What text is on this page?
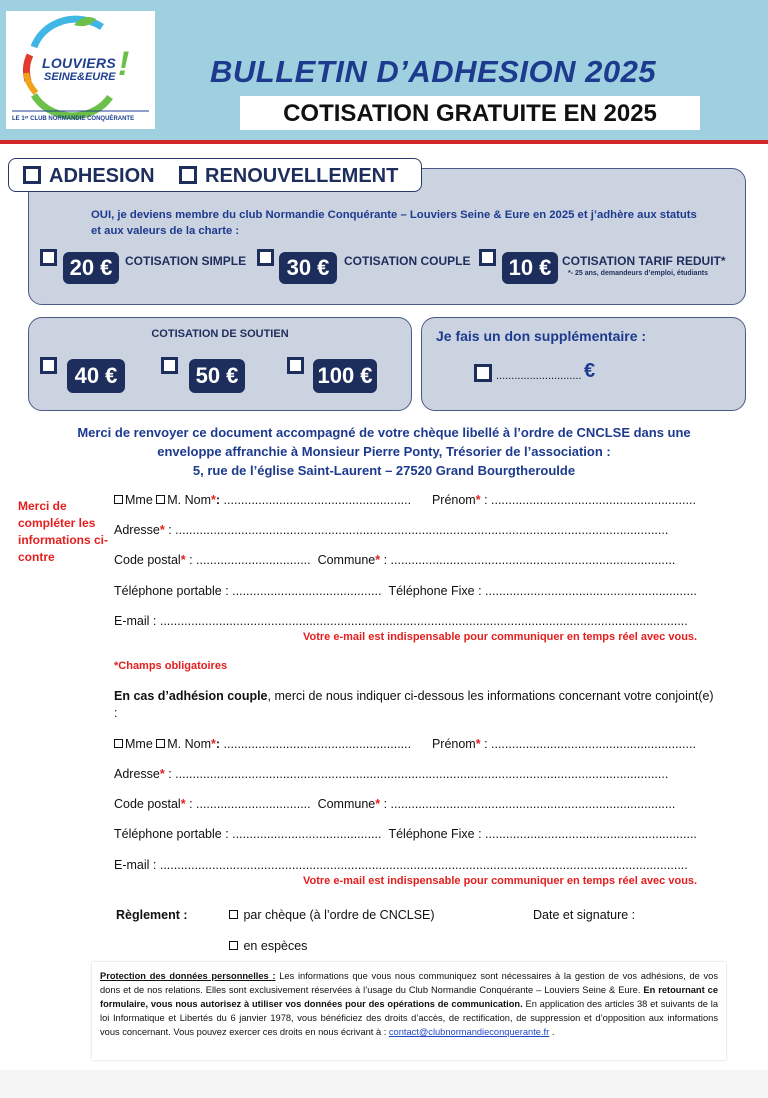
LOUVIERS
SEINE&EURE !
LE 1ᵉʳ CLUB NORMANDIE CONQUÉRANTE
BULLETIN D’ADHESION 2025
COTISATION GRATUITE EN 2025
OUI, je deviens membre du club Normandie Conquérante – Louviers Seine & Eure en 2025 et j’adhère aux statuts
et aux valeurs de la charte :
20 €	COTISATION SIMPLE	30 €	COTISATION COUPLE 10 € COTISATION TARIF REDUIT*
*- 25 ans, demandeurs d’emploi, étudiants
ADHESION	RENOUVELLEMENT
COTISATION DE SOUTIEN
40 €	50 €	100 €
Je fais un don supplémentaire :
............................ €
Merci de renvoyer ce document accompagné de votre chèque libellé à l’ordre de CNCLSE dans une
enveloppe affranchie à Monsieur Pierre Ponty, Trésorier de l’association :
5, rue de l’église Saint-Laurent – 27520 Grand Bourgtheroulde
Merci de compléter les informations ci-contre
Mme M. Nom*: ...................................................... Prénom* : ...........................................................
Adresse* : ..............................................................................................................................................
Code postal* : ................................. Commune* : ..................................................................................
Téléphone portable : ........................................... Téléphone Fixe : .............................................................
E-mail : ........................................................................................................................................................
Votre e-mail est indispensable pour communiquer en temps réel avec vous.
*Champs obligatoires
En cas d’adhésion couple, merci de nous indiquer ci-dessous les informations concernant votre conjoint(e)
:
Mme M. Nom*: ...................................................... Prénom* : ...........................................................
Adresse* : ..............................................................................................................................................
Code postal* : ................................. Commune* : ..................................................................................
Téléphone portable : ........................................... Téléphone Fixe : .............................................................
E-mail : ........................................................................................................................................................
Votre e-mail est indispensable pour communiquer en temps réel avec vous.
Règlement :	par chèque (à l’ordre de CNCLSE)	Date et signature :
en espèces
Protection des données personnelles : Les informations que vous nous communiquez sont nécessaires à la gestion de vos adhésions, de vos dons et de nos relations. Elles sont exclusivement réservées à l’usage du Club Normandie Conquérante – Louviers Seine & Eure. En retournant ce formulaire, vous nous autorisez à utiliser vos données pour des opérations de communication. En application des articles 38 et suivants de la loi Informatique et Libertés du 6 janvier 1978, vous bénéficiez des droits d’accès, de rectification, de suppression et d’opposition aux informations vous concernant. Vous pouvez exercer ces droits en nous écrivant à : contact@clubnormandieconquerante.fr .
